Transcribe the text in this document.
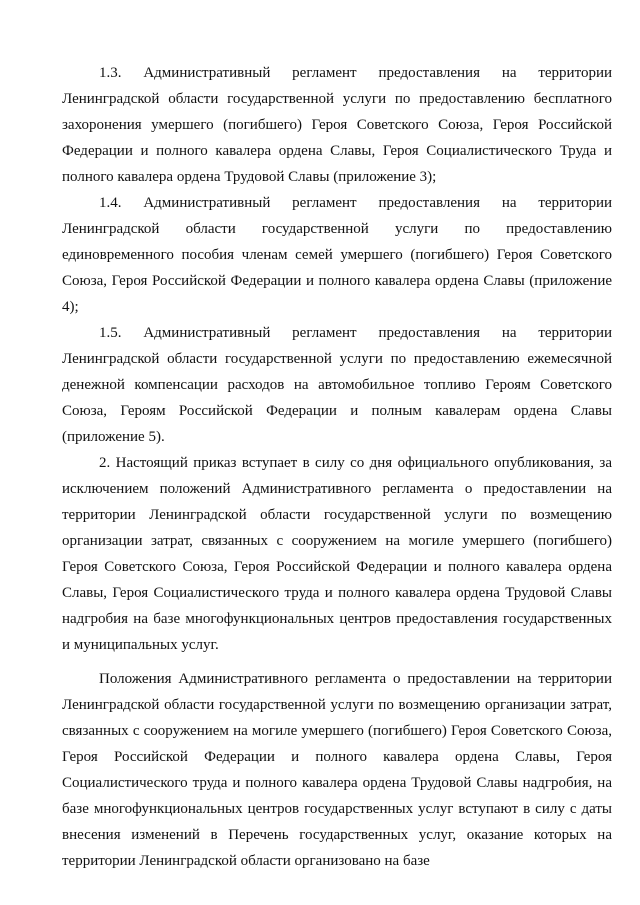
1.3. Административный регламент предоставления на территории Ленинградской области государственной услуги по предоставлению бесплатного захоронения умершего (погибшего) Героя Советского Союза, Героя Российской Федерации и полного кавалера ордена Славы, Героя Социалистического Труда и полного кавалера ордена Трудовой Славы (приложение 3);

1.4. Административный регламент предоставления на территории Ленинградской области государственной услуги по предоставлению единовременного пособия членам семей умершего (погибшего) Героя Советского Союза, Героя Российской Федерации и полного кавалера ордена Славы (приложение 4);

1.5. Административный регламент предоставления на территории Ленинградской области государственной услуги по предоставлению ежемесячной денежной компенсации расходов на автомобильное топливо Героям Советского Союза, Героям Российской Федерации и полным кавалерам ордена Славы (приложение 5).

2. Настоящий приказ вступает в силу со дня официального опубликования, за исключением положений Административного регламента о предоставлении на территории Ленинградской области государственной услуги по возмещению организации затрат, связанных с сооружением на могиле умершего (погибшего) Героя Советского Союза, Героя Российской Федерации и полного кавалера ордена Славы, Героя Социалистического труда и полного кавалера ордена Трудовой Славы надгробия на базе многофункциональных центров предоставления государственных и муниципальных услуг.

Положения Административного регламента о предоставлении на территории Ленинградской области государственной услуги по возмещению организации затрат, связанных с сооружением на могиле умершего (погибшего) Героя Советского Союза, Героя Российской Федерации и полного кавалера ордена Славы, Героя Социалистического труда и полного кавалера ордена Трудовой Славы надгробия, на базе многофункциональных центров государственных услуг вступают в силу с даты внесения изменений в Перечень государственных услуг, оказание которых на территории Ленинградской области организовано на базе
